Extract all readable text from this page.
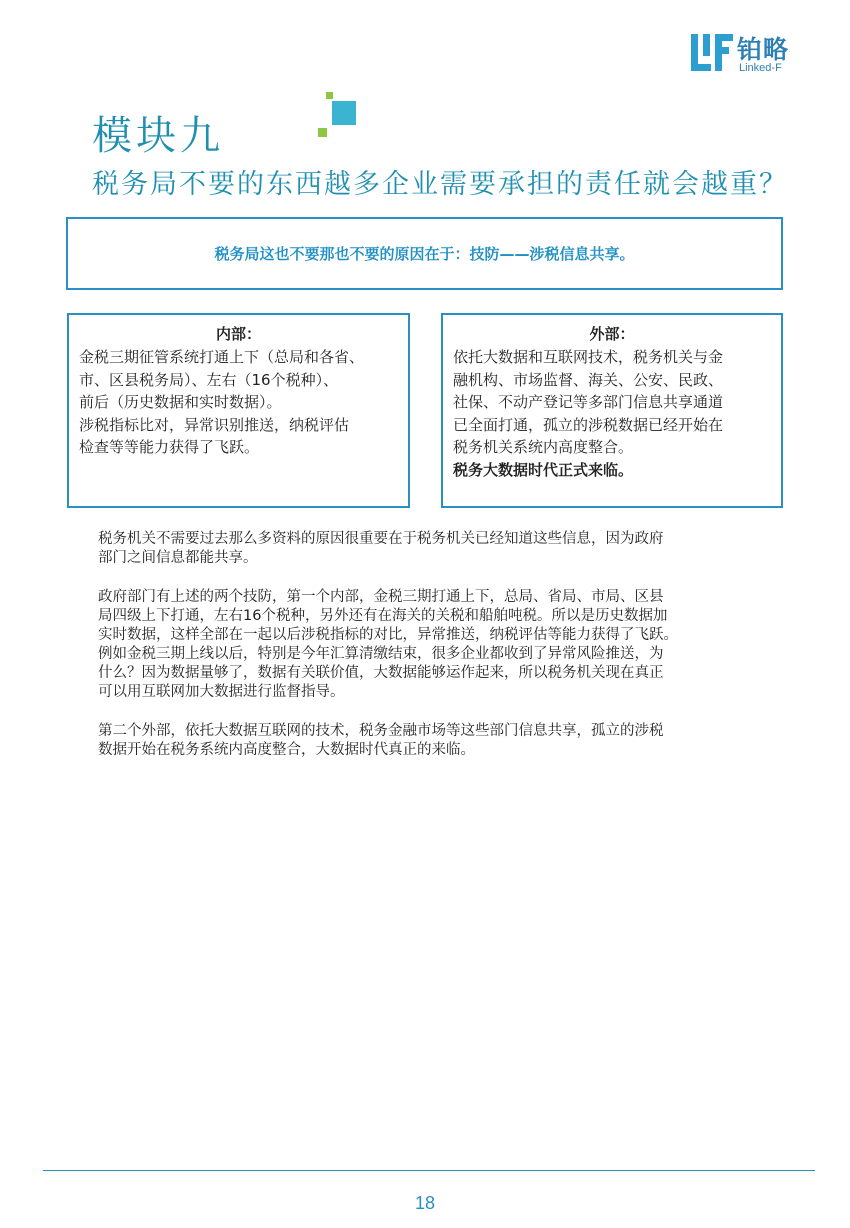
铂略
Linked-F
模块九
税务局不要的东西越多企业需要承担的责任就会越重？
税务局这也不要那也不要的原因在于：技防——涉税信息共享。
内部：

金税三期征管系统打通上下（总局和各省、

市、区县税务局）、左右（16个税种）、

前后（历史数据和实时数据）。

涉税指标比对，异常识别推送，纳税评估

检查等等能力获得了飞跃。

外部：

依托大数据和互联网技术，税务机关与金

融机构、市场监督、海关、公安、民政、

社保、不动产登记等多部门信息共享通道

已全面打通，孤立的涉税数据已经开始在

税务机关系统内高度整合。

税务大数据时代正式来临。

税务机关不需要过去那么多资料的原因很重要在于税务机关已经知道这些信息，因为政府
部门之间信息都能共享。

政府部门有上述的两个技防，第一个内部，金税三期打通上下，总局、省局、市局、区县
局四级上下打通，左右16个税种，另外还有在海关的关税和船舶吨税。所以是历史数据加
实时数据，这样全部在一起以后涉税指标的对比，异常推送，纳税评估等能力获得了飞跃。
例如金税三期上线以后，特别是今年汇算清缴结束，很多企业都收到了异常风险推送，为
什么？因为数据量够了，数据有关联价值，大数据能够运作起来，所以税务机关现在真正
可以用互联网加大数据进行监督指导。

第二个外部，依托大数据互联网的技术，税务金融市场等这些部门信息共享，孤立的涉税
数据开始在税务系统内高度整合，大数据时代真正的来临。

18
